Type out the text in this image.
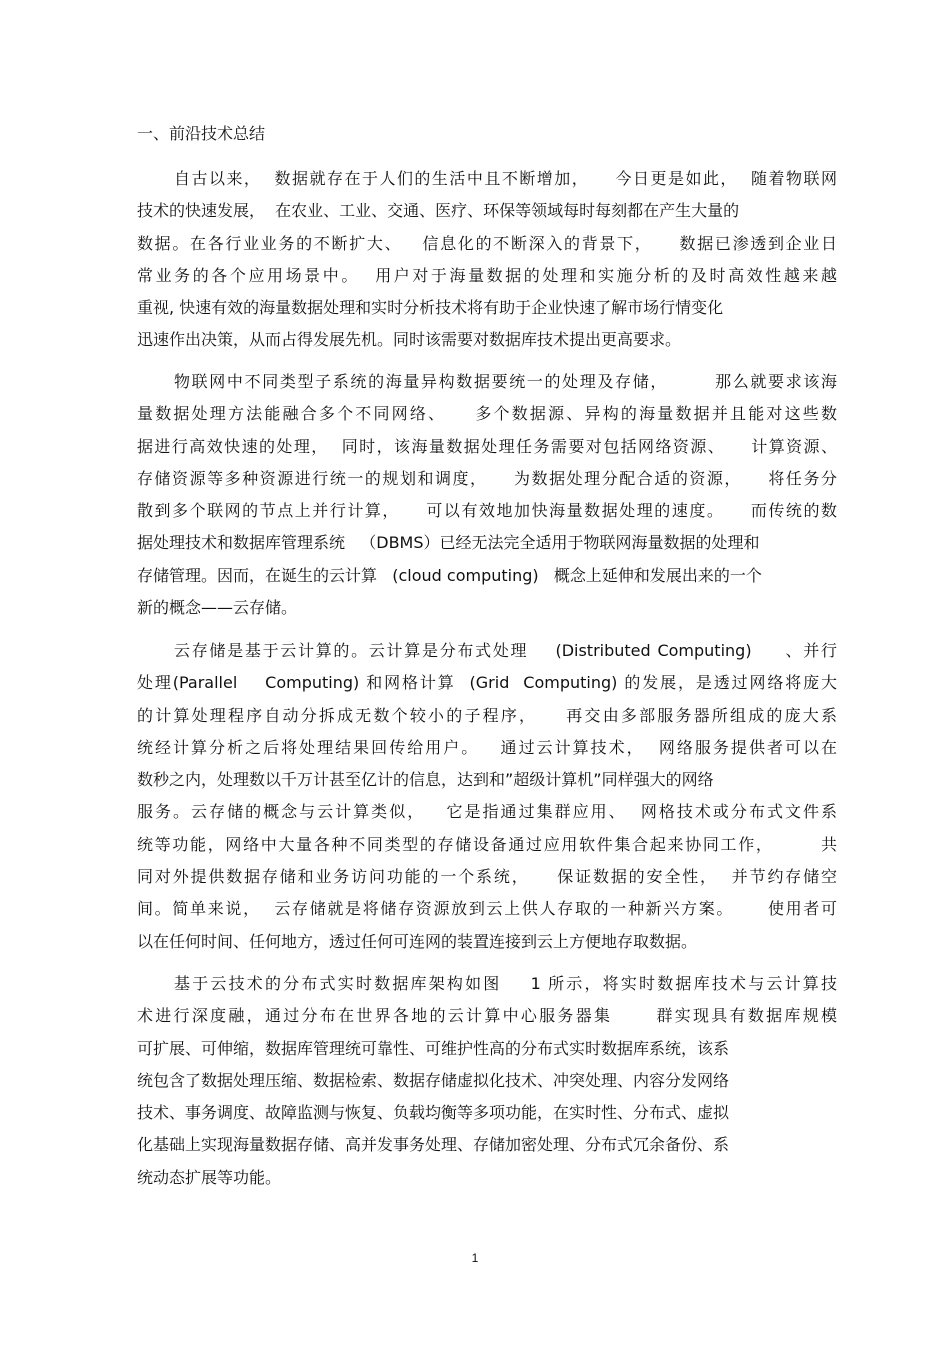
一、前沿技术总结
自古以来，  数据就存在于人们的生活中且不断增加，    今日更是如此，  随着物联网
技术的快速发展，  在农业、工业、交通、医疗、环保等领域每时每刻都在产生大量的
数据。在各行业业务的不断扩大、   信息化的不断深入的背景下，    数据已渗透到企业日
常业务的各个应用场景中。  用户对于海量数据的处理和实施分析的及时高效性越来越
重视, 快速有效的海量数据处理和实时分析技术将有助于企业快速了解市场行情变化
迅速作出决策，从而占得发展先机。同时该需要对数据库技术提出更高要求。
物联网中不同类型子系统的海量异构数据要统一的处理及存储，       那么就要求该海
量数据处理方法能融合多个不同网络、    多个数据源、异构的海量数据并且能对这些数
据进行高效快速的处理，  同时，该海量数据处理任务需要对包括网络资源、    计算资源、
存储资源等多种资源进行统一的规划和调度，    为数据处理分配合适的资源，    将任务分
散到多个联网的节点上并行计算，    可以有效地加快海量数据处理的速度。    而传统的数
据处理技术和数据库管理系统   （DBMS）已经无法完全适用于物联网海量数据的处理和
存储管理。因而，在诞生的云计算   (cloud computing)   概念上延伸和发展出来的一个
新的概念——云存储。
云存储是基于云计算的。云计算是分布式处理    (Distributed Computing)     、并行
处理(Parallel    Computing) 和网格计算  (Grid  Computing) 的发展，是透过网络将庞大
的计算处理程序自动分拆成无数个较小的子程序，    再交由多部服务器所组成的庞大系
统经计算分析之后将处理结果回传给用户。   通过云计算技术，  网络服务提供者可以在
数秒之内，处理数以千万计甚至亿计的信息，达到和”超级计算机”同样强大的网络
服务。云存储的概念与云计算类似，   它是指通过集群应用、  网格技术或分布式文件系
统等功能，网络中大量各种不同类型的存储设备通过应用软件集合起来协同工作，       共
同对外提供数据存储和业务访问功能的一个系统，    保证数据的安全性，  并节约存储空
间。简单来说，  云存储就是将储存资源放到云上供人存取的一种新兴方案。     使用者可
以在任何时间、任何地方，透过任何可连网的装置连接到云上方便地存取数据。
基于云技术的分布式实时数据库架构如图    1 所示，将实时数据库技术与云计算技
术进行深度融，通过分布在世界各地的云计算中心服务器集      群实现具有数据库规模
可扩展、可伸缩，数据库管理统可靠性、可维护性高的分布式实时数据库系统，该系
统包含了数据处理压缩、数据检索、数据存储虚拟化技术、冲突处理、内容分发网络
技术、事务调度、故障监测与恢复、负载均衡等多项功能，在实时性、分布式、虚拟
化基础上实现海量数据存储、高并发事务处理、存储加密处理、分布式冗余备份、系
统动态扩展等功能。
1
